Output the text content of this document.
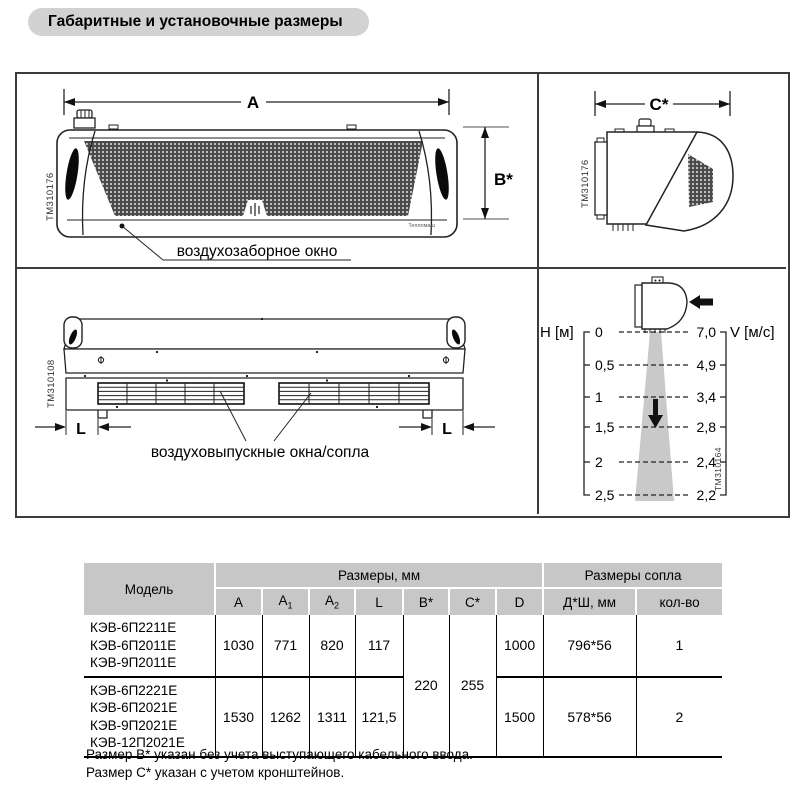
Габаритные и установочные размеры
A
Тепломаш
B*
ТМ310176
воздухозаборное окно
C*
ТМ310176
L	L
воздуховыпускные окна/сопла
ТМ310108
H [м]	V [м/с]
0	7,0
0,5	4,9
1	3,4
1,5	2,8
2	2,4
2,5	2,2
ТМ310164
Модель	Размеры, мм							Размеры сопла	
	A	$A_1$	$A_2$	L	B*	C*	D	Д*Ш, мм	кол-во

КЭВ-6П2211Е
КЭВ-6П2011Е
КЭВ-9П2011Е	1030	771	820	117	220	255	1000	796*56	1

КЭВ-6П2221Е
КЭВ-6П2021Е
КЭВ-9П2021Е
КЭВ-12П2021Е	1530	1262	1311	121,5			1500	578*56	2
Размер B* указан без учета выступающего кабельного ввода.
Размер C* указан с учетом кронштейнов.
